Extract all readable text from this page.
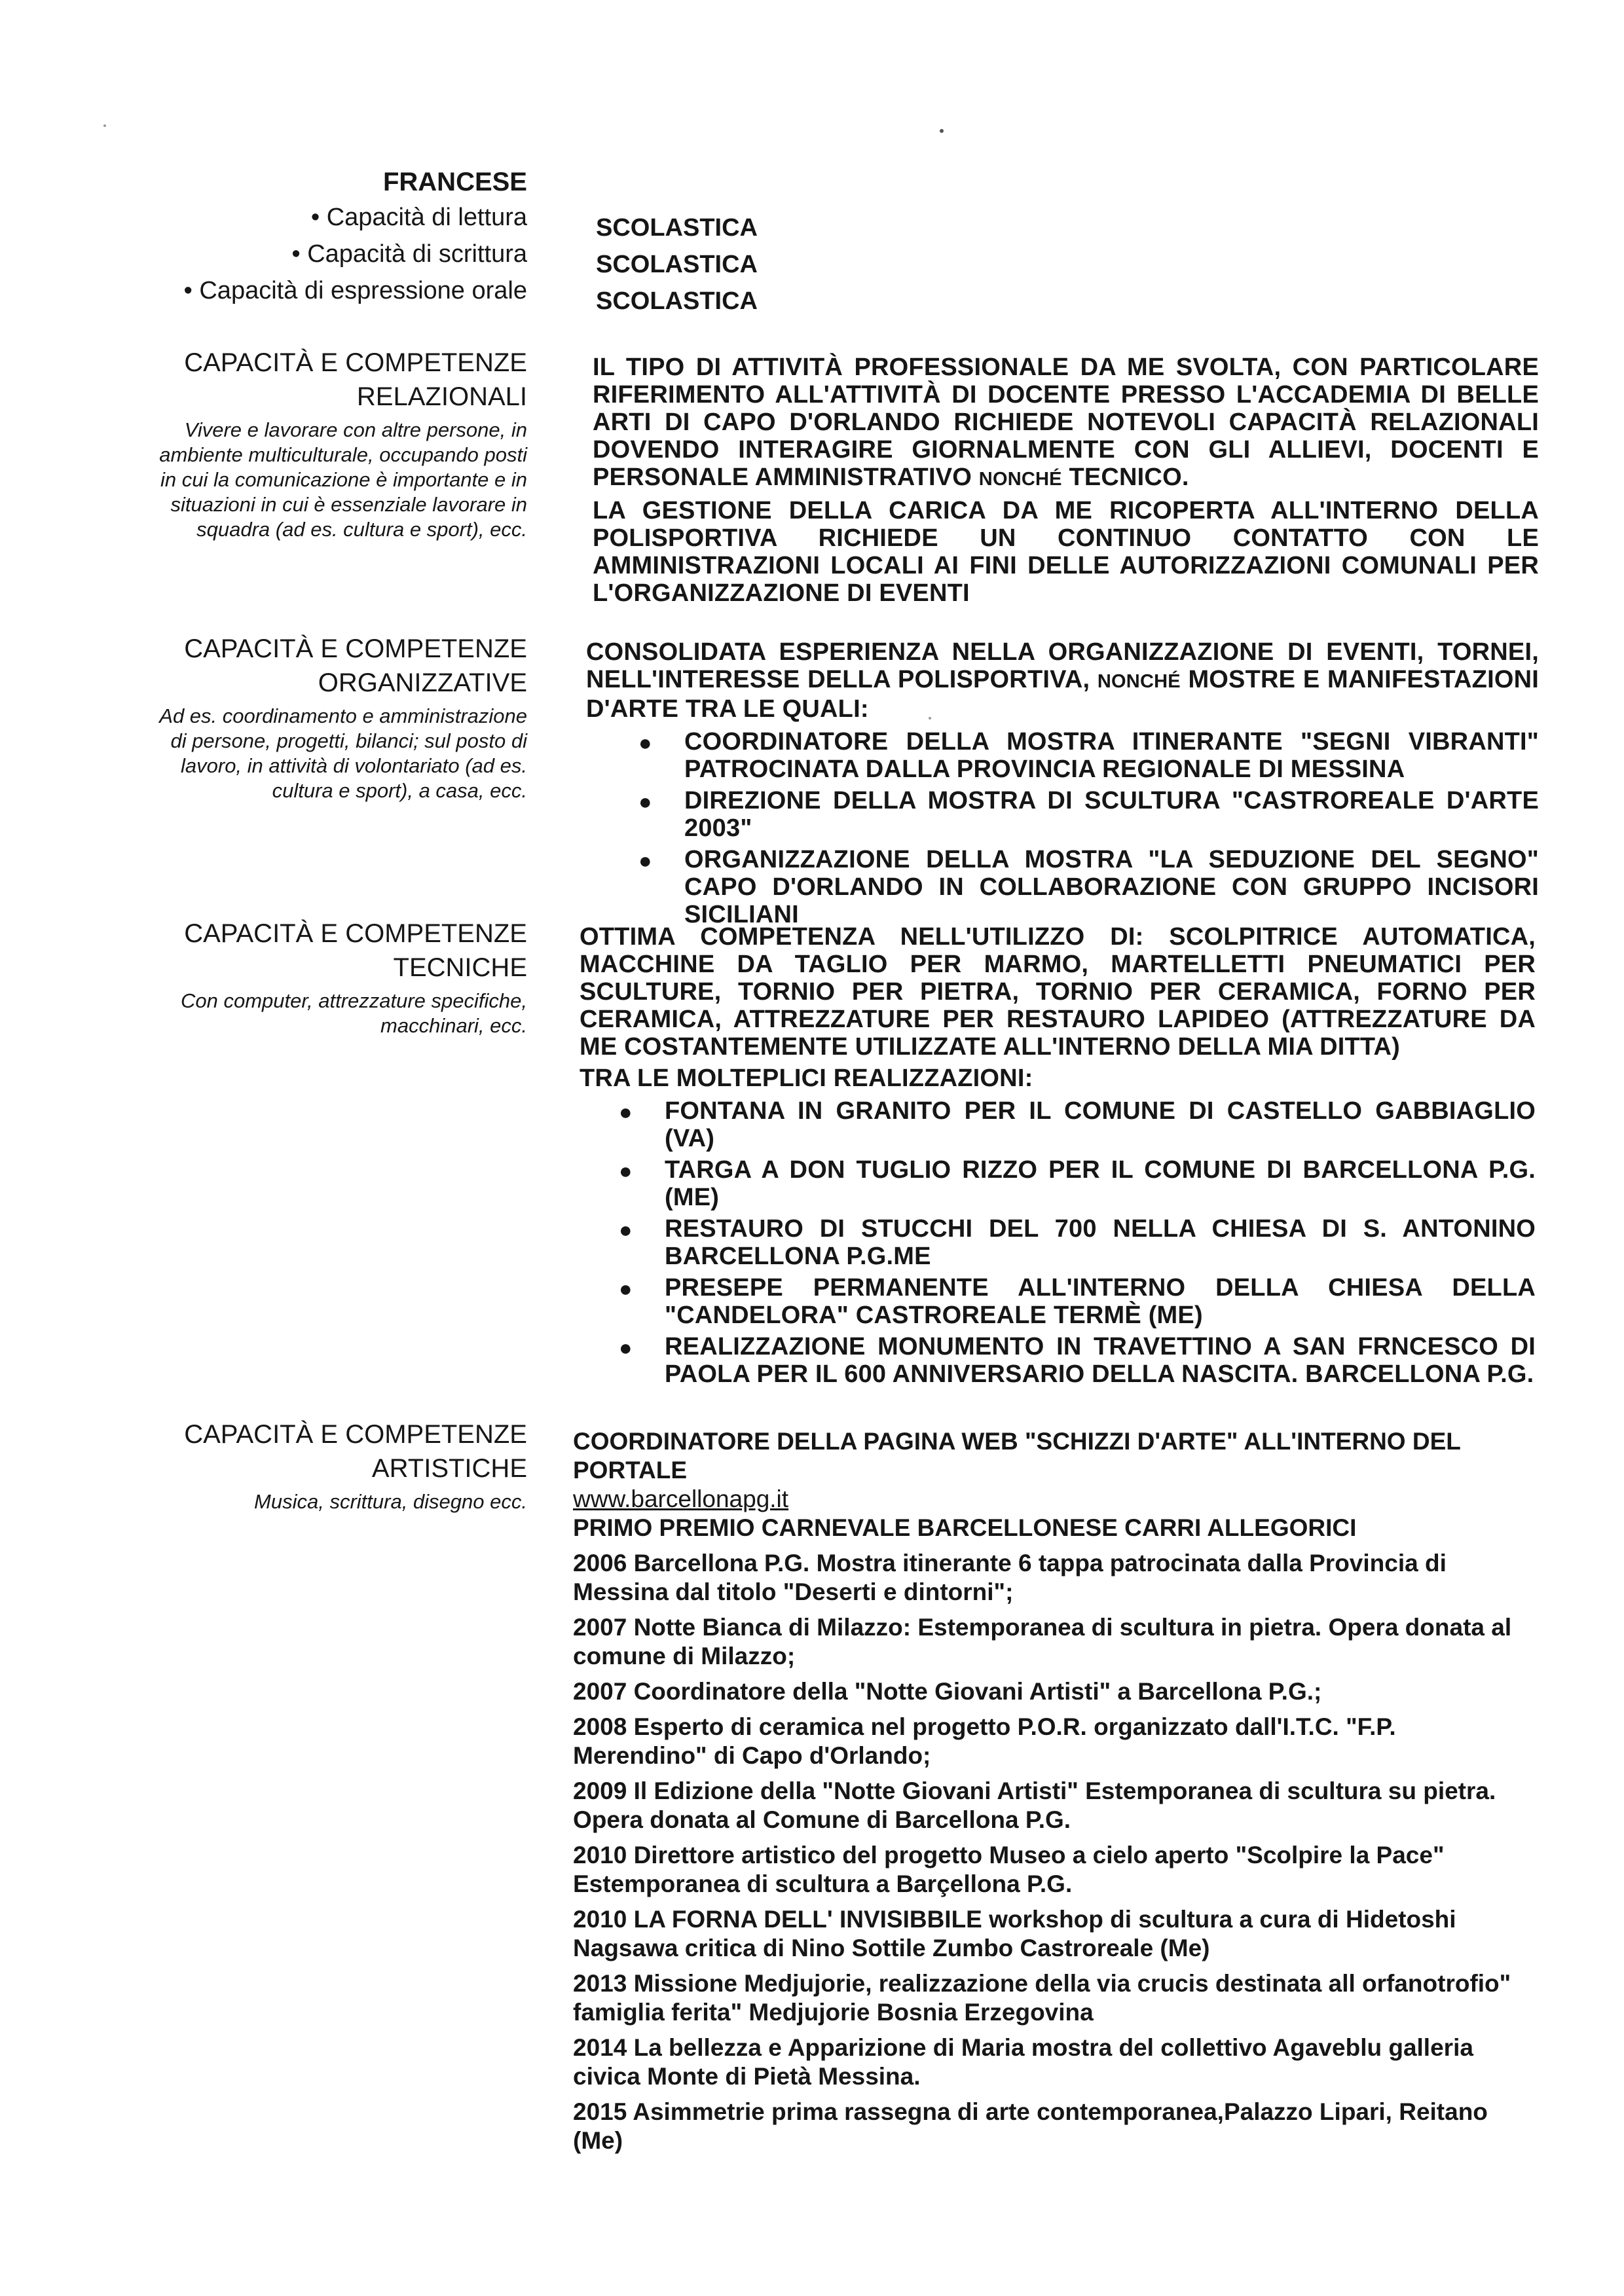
FRANCESE
• Capacità di lettura
• Capacità di scrittura
• Capacità di espressione orale
SCOLASTICA
SCOLASTICA
SCOLASTICA
CAPACITÀ E COMPETENZE
RELAZIONALI
Vivere e lavorare con altre persone, in ambiente multiculturale, occupando posti in cui la comunicazione è importante e in situazioni in cui è essenziale lavorare in squadra (ad es. cultura e sport), ecc.

IL TIPO DI ATTIVITÀ PROFESSIONALE DA ME SVOLTA, CON PARTICOLARE RIFERIMENTO ALL'ATTIVITÀ DI DOCENTE PRESSO L'ACCADEMIA DI BELLE ARTI DI CAPO D'ORLANDO RICHIEDE NOTEVOLI CAPACITÀ RELAZIONALI DOVENDO INTERAGIRE GIORNALMENTE CON GLI ALLIEVI, DOCENTI E PERSONALE AMMINISTRATIVO NONCHÉ TECNICO.

LA GESTIONE DELLA CARICA DA ME RICOPERTA ALL'INTERNO DELLA POLISPORTIVA RICHIEDE UN CONTINUO CONTATTO CON LE AMMINISTRAZIONI LOCALI AI FINI DELLE AUTORIZZAZIONI COMUNALI PER L'ORGANIZZAZIONE DI EVENTI

CAPACITÀ E COMPETENZE
ORGANIZZATIVE
Ad es. coordinamento e amministrazione di persone, progetti, bilanci; sul posto di lavoro, in attività di volontariato (ad es. cultura e sport), a casa, ecc.

CONSOLIDATA ESPERIENZA NELLA ORGANIZZAZIONE DI EVENTI, TORNEI, NELL'INTERESSE DELLA POLISPORTIVA, NONCHÉ MOSTRE E MANIFESTAZIONI D'ARTE TRA LE QUALI:

● COORDINATORE DELLA MOSTRA ITINERANTE "SEGNI VIBRANTI" PATROCINATA DALLA PROVINCIA REGIONALE DI MESSINA
● DIREZIONE DELLA MOSTRA DI SCULTURA "CASTROREALE D'ARTE 2003"
● ORGANIZZAZIONE DELLA MOSTRA "LA SEDUZIONE DEL SEGNO" CAPO D'ORLANDO IN COLLABORAZIONE CON GRUPPO INCISORI SICILIANI
CAPACITÀ E COMPETENZE
TECNICHE
Con computer, attrezzature specifiche, macchinari, ecc.

OTTIMA COMPETENZA NELL'UTILIZZO DI: SCOLPITRICE AUTOMATICA, MACCHINE DA TAGLIO PER MARMO, MARTELLETTI PNEUMATICI PER SCULTURE, TORNIO PER PIETRA, TORNIO PER CERAMICA, FORNO PER CERAMICA, ATTREZZATURE PER RESTAURO LAPIDEO (ATTREZZATURE DA ME COSTANTEMENTE UTILIZZATE ALL'INTERNO DELLA MIA DITTA)

TRA LE MOLTEPLICI REALIZZAZIONI:

● FONTANA IN GRANITO PER IL COMUNE DI CASTELLO GABBIAGLIO (VA)
● TARGA A DON TUGLIO RIZZO PER IL COMUNE DI BARCELLONA P.G. (ME)
● RESTAURO DI STUCCHI DEL 700 NELLA CHIESA DI S. ANTONINO BARCELLONA P.G.ME
● PRESEPE PERMANENTE ALL'INTERNO DELLA CHIESA DELLA "CANDELORA" CASTROREALE TERMÈ (ME)
● REALIZZAZIONE MONUMENTO IN TRAVETTINO A SAN FRNCESCO DI PAOLA PER IL 600 ANNIVERSARIO DELLA NASCITA. BARCELLONA P.G.
CAPACITÀ E COMPETENZE
ARTISTICHE
Musica, scrittura, disegno ecc.

COORDINATORE DELLA PAGINA WEB "SCHIZZI D'ARTE" ALL'INTERNO DEL PORTALE

www.barcellonapg.it

PRIMO PREMIO CARNEVALE BARCELLONESE CARRI ALLEGORICI

2006 Barcellona P.G. Mostra itinerante 6 tappa patrocinata dalla Provincia di Messina dal titolo "Deserti e dintorni";

2007 Notte Bianca di Milazzo: Estemporanea di scultura in pietra. Opera donata al comune di Milazzo;

2007 Coordinatore della "Notte Giovani Artisti" a Barcellona P.G.;

2008 Esperto di ceramica nel progetto P.O.R. organizzato dall'I.T.C. "F.P. Merendino" di Capo d'Orlando;

2009 Il Edizione della "Notte Giovani Artisti" Estemporanea di scultura su pietra. Opera donata al Comune di Barcellona P.G.

2010 Direttore artistico del progetto Museo a cielo aperto "Scolpire la Pace" Estemporanea di scultura a Barçellona P.G.

2010 LA FORNA DELL' INVISIBBILE workshop di scultura a cura di Hidetoshi Nagsawa critica di Nino Sottile Zumbo Castroreale (Me)

2013 Missione Medjujorie, realizzazione della via crucis destinata all orfanotrofio" famiglia ferita" Medjujorie Bosnia Erzegovina

2014 La bellezza e Apparizione di Maria mostra del collettivo Agaveblu galleria civica Monte di Pietà Messina.

2015 Asimmetrie prima rassegna di arte contemporanea,Palazzo Lipari, Reitano (Me)
